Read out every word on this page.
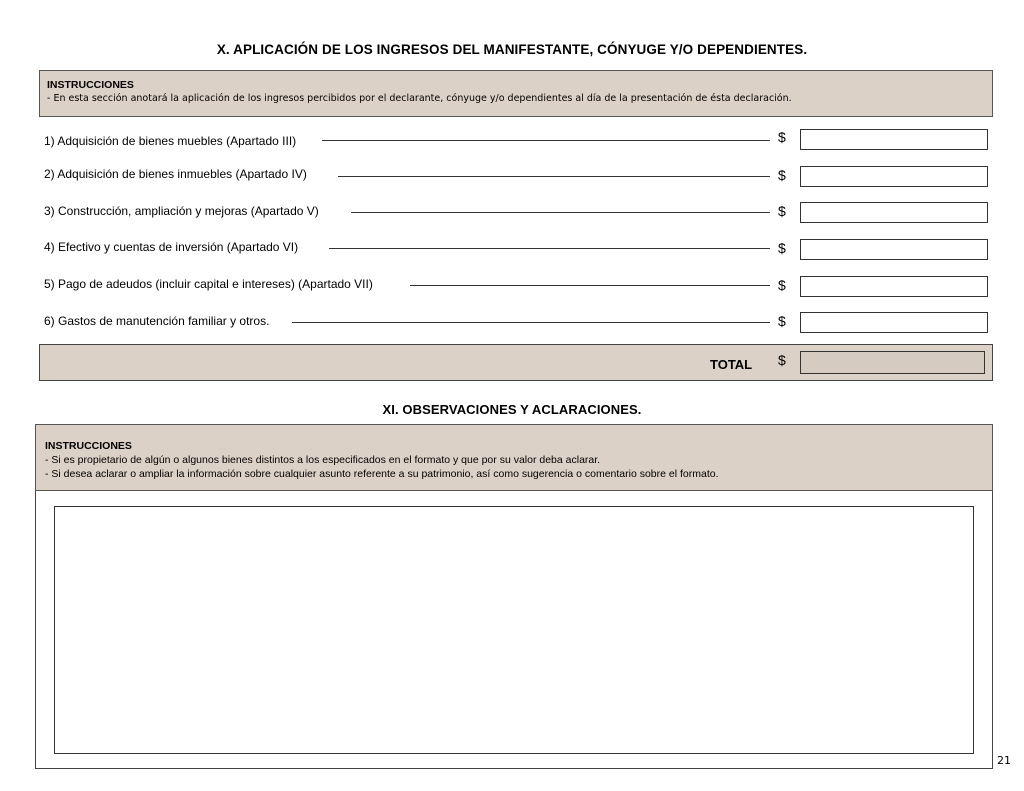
X. APLICACIÓN DE LOS INGRESOS DEL MANIFESTANTE, CÓNYUGE Y/O DEPENDIENTES.
INSTRUCCIONES
- En esta sección anotará la aplicación de los ingresos percibidos por el declarante, cónyuge y/o dependientes al día de la presentación de ésta declaración.
1) Adquisición de bienes muebles (Apartado III)	$
2) Adquisición de bienes inmuebles (Apartado IV)	$
3) Construcción, ampliación y mejoras (Apartado V)	$
4) Efectivo y cuentas de inversión (Apartado VI)	$
5) Pago de adeudos (incluir capital e intereses) (Apartado VII)	$
6) Gastos de manutención familiar y otros.	$
TOTAL $
XI. OBSERVACIONES Y ACLARACIONES.
INSTRUCCIONES
- Si es propietario de algún o algunos bienes distintos a los especificados en el formato y que por su valor deba aclarar.
- Si desea aclarar o ampliar la información sobre cualquier asunto referente a su patrimonio, así como sugerencia o comentario sobre el formato.
21
